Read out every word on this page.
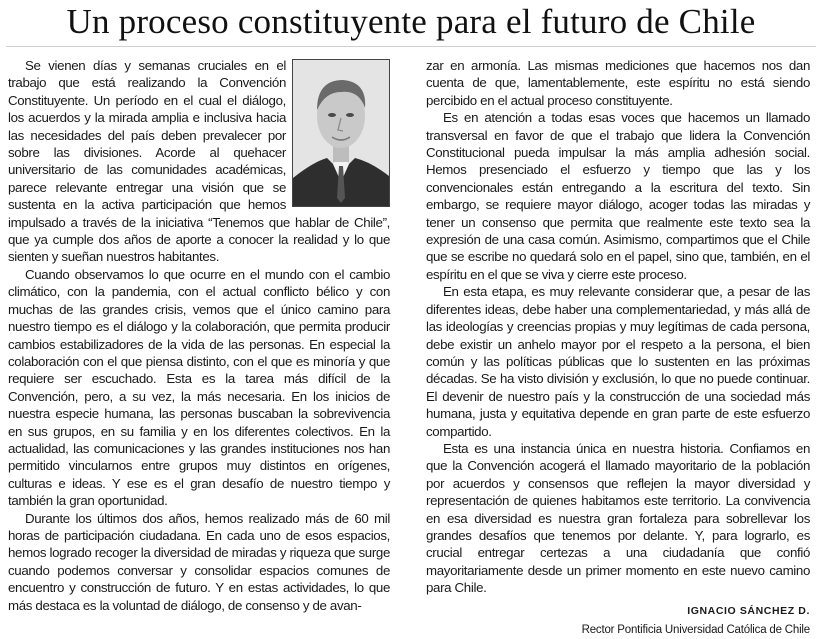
Un proceso constituyente para el futuro de Chile

Se vienen días y semanas cruciales en el trabajo que está realizando la Convención Constituyente. Un período en el cual el diálogo, los acuerdos y la mirada amplia e inclusiva hacia las necesidades del país deben prevalecer por sobre las divisiones. Acorde al quehacer universitario de las comunidades académicas, parece relevante entregar una visión que se sustenta en la activa participación que hemos impulsado a través de la iniciativa “Tenemos que hablar de Chile”, que ya cumple dos años de aporte a conocer la realidad y lo que sienten y sueñan nuestros habitantes.

Cuando observamos lo que ocurre en el mundo con el cambio climático, con la pandemia, con el actual conflicto bélico y con muchas de las grandes crisis, vemos que el único camino para nuestro tiempo es el diálogo y la colaboración, que permita producir cambios estabilizadores de la vida de las personas. En especial la colaboración con el que piensa distinto, con el que es minoría y que requiere ser escuchado. Esta es la tarea más difícil de la Convención, pero, a su vez, la más necesaria. En los inicios de nuestra especie humana, las personas buscaban la sobrevivencia en sus grupos, en su familia y en los diferentes colectivos. En la actualidad, las comunicaciones y las grandes instituciones nos han permitido vincularnos entre grupos muy distintos en orígenes, culturas e ideas. Y ese es el gran desafío de nuestro tiempo y también la gran oportunidad.

Durante los últimos dos años, hemos realizado más de 60 mil horas de participación ciudadana. En cada uno de esos espacios, hemos logrado recoger la diversidad de miradas y riqueza que surge cuando podemos conversar y consolidar espacios comunes de encuentro y construcción de futuro. Y en estas actividades, lo que más destaca es la voluntad de diálogo, de consenso y de avan-

zar en armonía. Las mismas mediciones que hacemos nos dan cuenta de que, lamentablemente, este espíritu no está siendo percibido en el actual proceso constituyente.

Es en atención a todas esas voces que hacemos un llamado transversal en favor de que el trabajo que lidera la Convención Constitucional pueda impulsar la más amplia adhesión social. Hemos presenciado el esfuerzo y tiempo que las y los convencionales están entregando a la escritura del texto. Sin embargo, se requiere mayor diálogo, acoger todas las miradas y tener un consenso que permita que realmente este texto sea la expresión de una casa común. Asimismo, compartimos que el Chile que se escribe no quedará solo en el papel, sino que, también, en el espíritu en el que se viva y cierre este proceso.

En esta etapa, es muy relevante considerar que, a pesar de las diferentes ideas, debe haber una complementariedad, y más allá de las ideologías y creencias propias y muy legítimas de cada persona, debe existir un anhelo mayor por el respeto a la persona, el bien común y las políticas públicas que lo sustenten en las próximas décadas. Se ha visto división y exclusión, lo que no puede continuar. El devenir de nuestro país y la construcción de una sociedad más humana, justa y equitativa depende en gran parte de este esfuerzo compartido.

Esta es una instancia única en nuestra historia. Confiamos en que la Convención acogerá el llamado mayoritario de la población por acuerdos y consensos que reflejen la mayor diversidad y representación de quienes habitamos este territorio. La convivencia en esa diversidad es nuestra gran fortaleza para sobrellevar los grandes desafíos que tenemos por delante. Y, para lograrlo, es crucial entregar certezas a una ciudadanía que confió mayoritariamente desde un primer momento en este nuevo camino para Chile.

IGNACIO SÁNCHEZ D.
Rector Pontificia Universidad Católica de Chile
